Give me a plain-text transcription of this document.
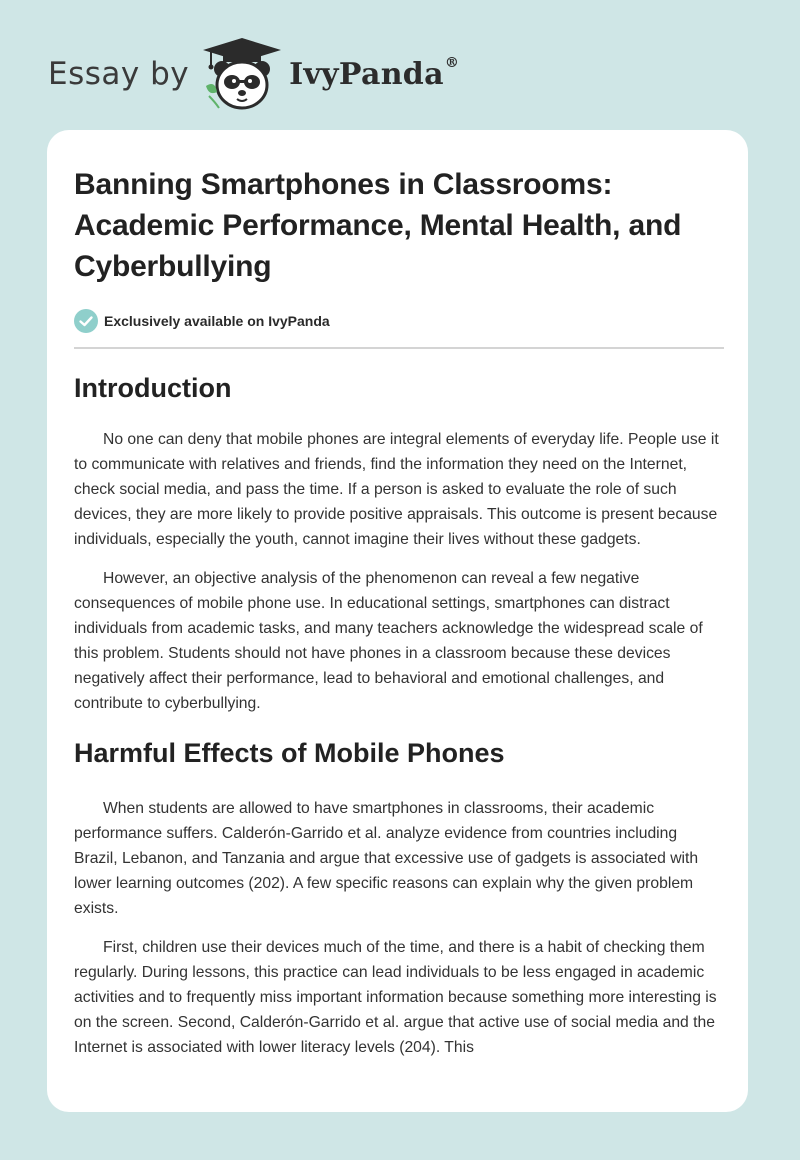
Essay by	IvyPanda®
Banning Smartphones in Classrooms: Academic Performance, Mental Health, and Cyberbullying
Exclusively available on IvyPanda
Introduction

No one can deny that mobile phones are integral elements of everyday life. People use it to communicate with relatives and friends, find the information they need on the Internet, check social media, and pass the time. If a person is asked to evaluate the role of such devices, they are more likely to provide positive appraisals. This outcome is present because individuals, especially the youth, cannot imagine their lives without these gadgets.

However, an objective analysis of the phenomenon can reveal a few negative consequences of mobile phone use. In educational settings, smartphones can distract individuals from academic tasks, and many teachers acknowledge the widespread scale of this problem. Students should not have phones in a classroom because these devices negatively affect their performance, lead to behavioral and emotional challenges, and contribute to cyberbullying.

Harmful Effects of Mobile Phones

When students are allowed to have smartphones in classrooms, their academic performance suffers. Calderón-Garrido et al. analyze evidence from countries including Brazil, Lebanon, and Tanzania and argue that excessive use of gadgets is associated with lower learning outcomes (202). A few specific reasons can explain why the given problem exists.

First, children use their devices much of the time, and there is a habit of checking them regularly. During lessons, this practice can lead individuals to be less engaged in academic activities and to frequently miss important information because something more interesting is on the screen. Second, Calderón-Garrido et al. argue that active use of social media and the Internet is associated with lower literacy levels (204). This
